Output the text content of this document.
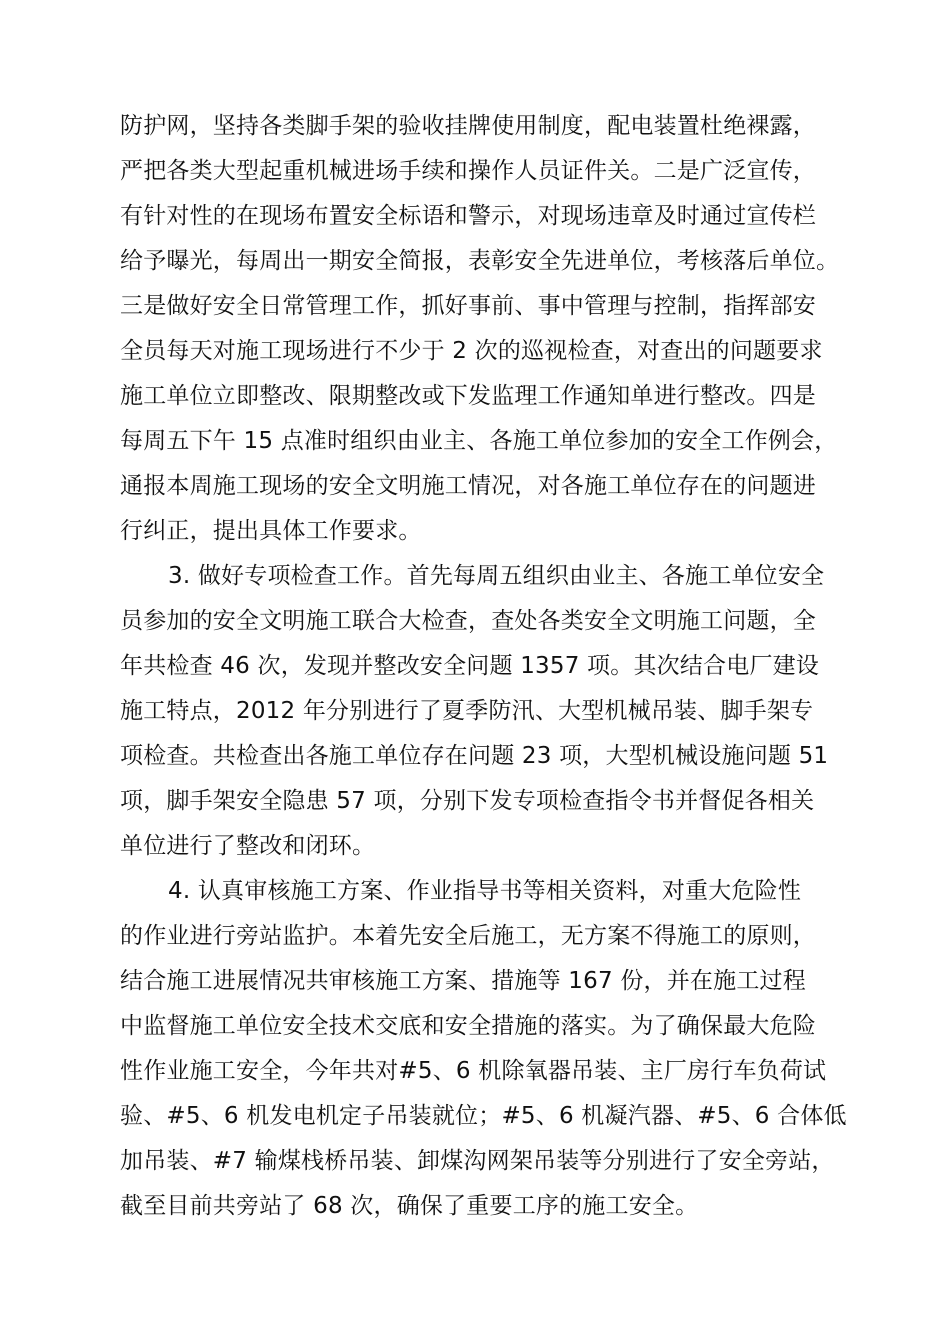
防护网，坚持各类脚手架的验收挂牌使用制度，配电装置杜绝裸露，
严把各类大型起重机械进场手续和操作人员证件关。二是广泛宣传，
有针对性的在现场布置安全标语和警示，对现场违章及时通过宣传栏
给予曝光，每周出一期安全简报，表彰安全先进单位，考核落后单位。
三是做好安全日常管理工作，抓好事前、事中管理与控制，指挥部安
全员每天对施工现场进行不少于 2 次的巡视检查，对查出的问题要求
施工单位立即整改、限期整改或下发监理工作通知单进行整改。四是
每周五下午 15 点准时组织由业主、各施工单位参加的安全工作例会，
通报本周施工现场的安全文明施工情况，对各施工单位存在的问题进
行纠正，提出具体工作要求。
3. 做好专项检查工作。首先每周五组织由业主、各施工单位安全
员参加的安全文明施工联合大检查，查处各类安全文明施工问题，全
年共检查 46 次，发现并整改安全问题 1357 项。其次结合电厂建设
施工特点，2012 年分别进行了夏季防汛、大型机械吊装、脚手架专
项检查。共检查出各施工单位存在问题 23 项，大型机械设施问题 51
项，脚手架安全隐患 57 项，分别下发专项检查指令书并督促各相关
单位进行了整改和闭环。
4. 认真审核施工方案、作业指导书等相关资料，对重大危险性
的作业进行旁站监护。本着先安全后施工，无方案不得施工的原则，
结合施工进展情况共审核施工方案、措施等 167 份，并在施工过程
中监督施工单位安全技术交底和安全措施的落实。为了确保最大危险
性作业施工安全，今年共对#5、6 机除氧器吊装、主厂房行车负荷试
验、#5、6 机发电机定子吊装就位；#5、6 机凝汽器、#5、6 合体低
加吊装、#7 输煤栈桥吊装、卸煤沟网架吊装等分别进行了安全旁站，
截至目前共旁站了 68 次，确保了重要工序的施工安全。
